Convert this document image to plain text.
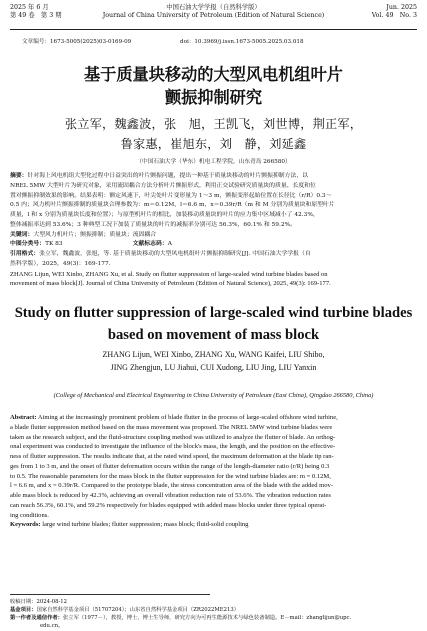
2025 年 6 月
第 49 卷　第 3 期
中国石油大学学报（自然科学版）
Journal of China University of Petroleum (Edition of Natural Science)
Jun. 2025
Vol. 49　No. 3
文章编号：1673-5005(2025)03-0169-09	doi：10.3969/j.issn.1673-5005.2025.03.018
基于质量块移动的大型风电机组叶片
颤振抑制研究
张立军，魏鑫波，张　旭，王凯飞，刘世博，荆正军，
鲁家惠，崔旭东，刘　静，刘延鑫
（中国石油大学（华东）机电工程学院，山东青岛 266580）
摘要：针对海上风电机组大型化过程中日益突出的叶片颤振问题，提出一种基于质量块移动的叶片颤振抑制方法，以
NREL 5MW 大型叶片为研究对象，采用流固耦合方法分析叶片颤振形式，利用正交试验研究质量块的质量、长度和位
置对颤振抑制效果的影响。结果表明：额定风速下，叶尖处叶片变形量为 1～3 m，颤振变形起始位置在长径比（r/R）0.3～
0.5 内；风力机叶片颤振抑制的质量块合理参数为：m＝0.12M，l＝6.6 m，x＝0.39r/R（m 和 M 分别为质量块和原型叶片
质量，l 和 x 分别为质量块长度和位置）；与原型机叶片的相比，加装移动质量块的叶片的应力集中区域减小了 42.3%，
整体减振率达到 53.6%；3 种典型工况下加装了质量块的叶片的减振率分别可达 56.3%，60.1% 和 59.2%。
关键词：大型风力机叶片；颤振抑制；质量块；流固耦合
中图分类号：TK 83	文献标志码：A
引用格式：张立军，魏鑫波，张旭，等. 基于质量块移动的大型风电机组叶片颤振抑制研究[J]. 中国石油大学学报（自
然科学版），2025，49(3)：169-177.
ZHANG Lijun, WEI Xinbo, ZHANG Xu, et al. Study on flutter suppression of large-scaled wind turbine blades based on
movement of mass block[J]. Journal of China University of Petroleum (Edition of Natural Science), 2025, 49(3): 169-177.
Study on flutter suppression of large-scaled wind turbine blades
based on movement of mass block
ZHANG Lijun, WEI Xinbo, ZHANG Xu, WANG Kaifei, LIU Shibo,
JING Zhengjun, LU Jiahui, CUI Xudong, LIU Jing, LIU Yanxin
(College of Mechanical and Electrical Engineering in China University of Petroleum (East China), Qingdao 266580, China)
Abstract: Aiming at the increasingly prominent problem of blade flutter in the process of large-scaled offshore wind turbine,
a blade flutter suppression method based on the mass movement was proposed. The NREL 5MW wind turbine blades were
taken as the research subject, and the fluid-structure coupling method was utilized to analyze the flutter of blade. An orthog-
onal experiment was conducted to investigate the influence of the block's mass, the length, and the position on the effective-
ness of flutter suppression. The results indicate that, at the rated wind speed, the maximum deformation at the blade tip ran-
ges from 1 to 3 m, and the onset of flutter deformation occurs within the range of the length-diameter ratio (r/R) being 0.3
to 0.5. The reasonable parameters for the mass block in the flutter suppression for the wind turbine blades are: m = 0.12M,
l = 6.6 m, and x = 0.39r/R. Compared to the prototype blade, the stress concentration area of the blade with the added mov-
able mass block is reduced by 42.3%, achieving an overall vibration reduction rate of 53.6%. The vibration reduction rates
can reach 56.3%, 60.1%, and 59.2% respectively for blades equipped with added mass blocks under three typical operat-
ing conditions.
Keywords: large wind turbine blades; flutter suppression; mass block; fluid-solid coupling
收稿日期：2024-08-12
基金项目：国家自然科学基金项目（51707204）；山东省自然科学基金项目（ZR2022ME213）
第一作者及通信作者：张立军（1977－），教授，博士，博士生导师，研究方向为可再生能源技术与绿色装备制造。E－mail：zhanglijun@upc.
edu.cn。
